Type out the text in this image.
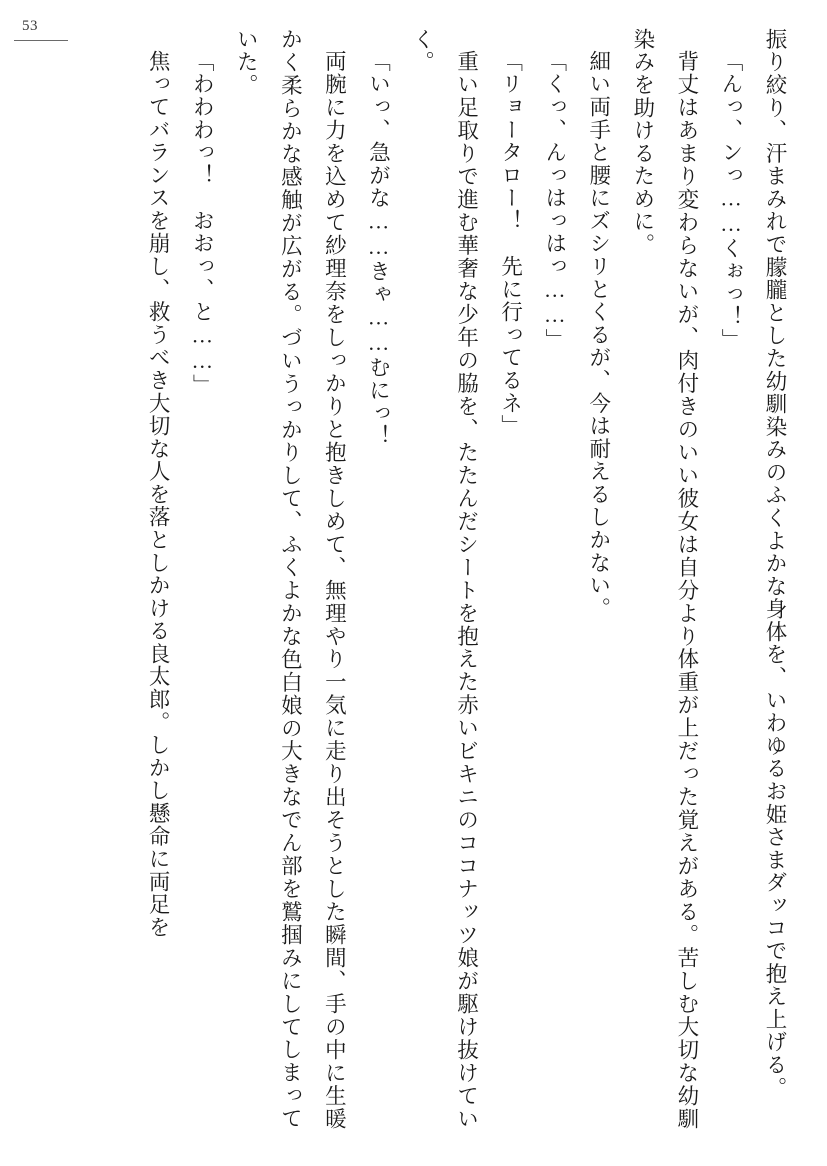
53

振り絞り、汗まみれで朦朧とした幼馴染みのふくよかな身体を、いわゆるお姫さまダッコで抱え上げる。

「んっ、ンっ……くぉっ！」

背丈はあまり変わらないが、肉付きのいい彼女は自分より体重が上だった覚えがある。苦しむ大切な幼馴染みを助けるために。

細い両手と腰にズシリとくるが、今は耐えるしかない。

「くっ、んっはっはっ……」

「リョータロー！　先に行ってるネ」

重い足取りで進む華奢な少年の脇を、たたんだシートを抱えた赤いビキニのココナッツ娘が駆け抜けていく。

「いっ、急がな……きゃ……むにっ！

両腕に力を込めて紗理奈をしっかりと抱きしめて、無理やり一気に走り出そうとした瞬間、手の中に生暖かく柔らかな感触が広がる。づいうっかりして、ふくよかな色白娘の大きなでん部を鷲掴みにしてしまっていた。

「わわわっ！　おおっ、と……」

焦ってバランスを崩し、救うべき大切な人を落としかける良太郎。しかし懸命に両足を
